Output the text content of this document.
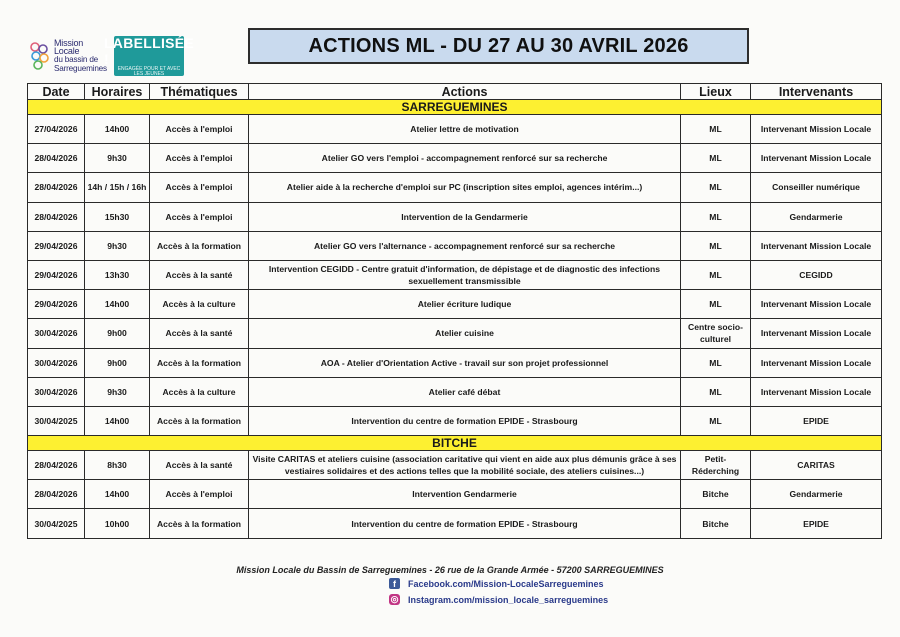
Mission Locale
du bassin de
Sarreguemines
LABELLISÉE !
ENGAGÉE POUR ET AVEC LES JEUNES
ACTIONS ML - DU 27 AU 30 AVRIL 2026
Date	Horaires	Thématiques	Actions	Lieux	Intervenants
SARREGUEMINES					
27/04/2026	14h00	Accès à l'emploi	Atelier lettre de motivation	ML	Intervenant Mission Locale
28/04/2026	9h30	Accès à l'emploi	Atelier GO vers l'emploi - accompagnement renforcé sur sa recherche	ML	Intervenant Mission Locale
28/04/2026	14h / 15h / 16h	Accès à l'emploi	Atelier aide à la recherche d'emploi sur PC (inscription sites emploi, agences intérim...)	ML	Conseiller numérique
28/04/2026	15h30	Accès à l'emploi	Intervention de la Gendarmerie	ML	Gendarmerie
29/04/2026	9h30	Accès à la formation	Atelier GO vers l'alternance - accompagnement renforcé sur sa recherche	ML	Intervenant Mission Locale
29/04/2026	13h30	Accès à la santé	Intervention CEGIDD - Centre gratuit d'information, de dépistage et de diagnostic des infections sexuellement transmissible	ML	CEGIDD
29/04/2026	14h00	Accès à la culture	Atelier écriture ludique	ML	Intervenant Mission Locale
30/04/2026	9h00	Accès à la santé	Atelier cuisine	Centre socio-culturel	Intervenant Mission Locale
30/04/2026	9h00	Accès à la formation	AOA - Atelier d'Orientation Active - travail sur son projet professionnel	ML	Intervenant Mission Locale
30/04/2026	9h30	Accès à la culture	Atelier café débat	ML	Intervenant Mission Locale
30/04/2025	14h00	Accès à la formation	Intervention du centre de formation EPIDE - Strasbourg	ML	EPIDE
BITCHE					
28/04/2026	8h30	Accès à la santé	Visite CARITAS et ateliers cuisine (association caritative qui vient en aide aux plus démunis grâce à ses vestiaires solidaires et des actions telles que la mobilité sociale, des ateliers cuisines...)	Petit-Réderching	CARITAS
28/04/2026	14h00	Accès à l'emploi	Intervention Gendarmerie	Bitche	Gendarmerie
30/04/2025	10h00	Accès à la formation	Intervention du centre de formation EPIDE - Strasbourg	Bitche	EPIDE
Mission Locale du Bassin de Sarreguemines - 26 rue de la Grande Armée - 57200 SARREGUEMINES
f	Facebook.com/Mission-LocaleSarreguemines
◎ Instagram.com/mission_locale_sarreguemines
